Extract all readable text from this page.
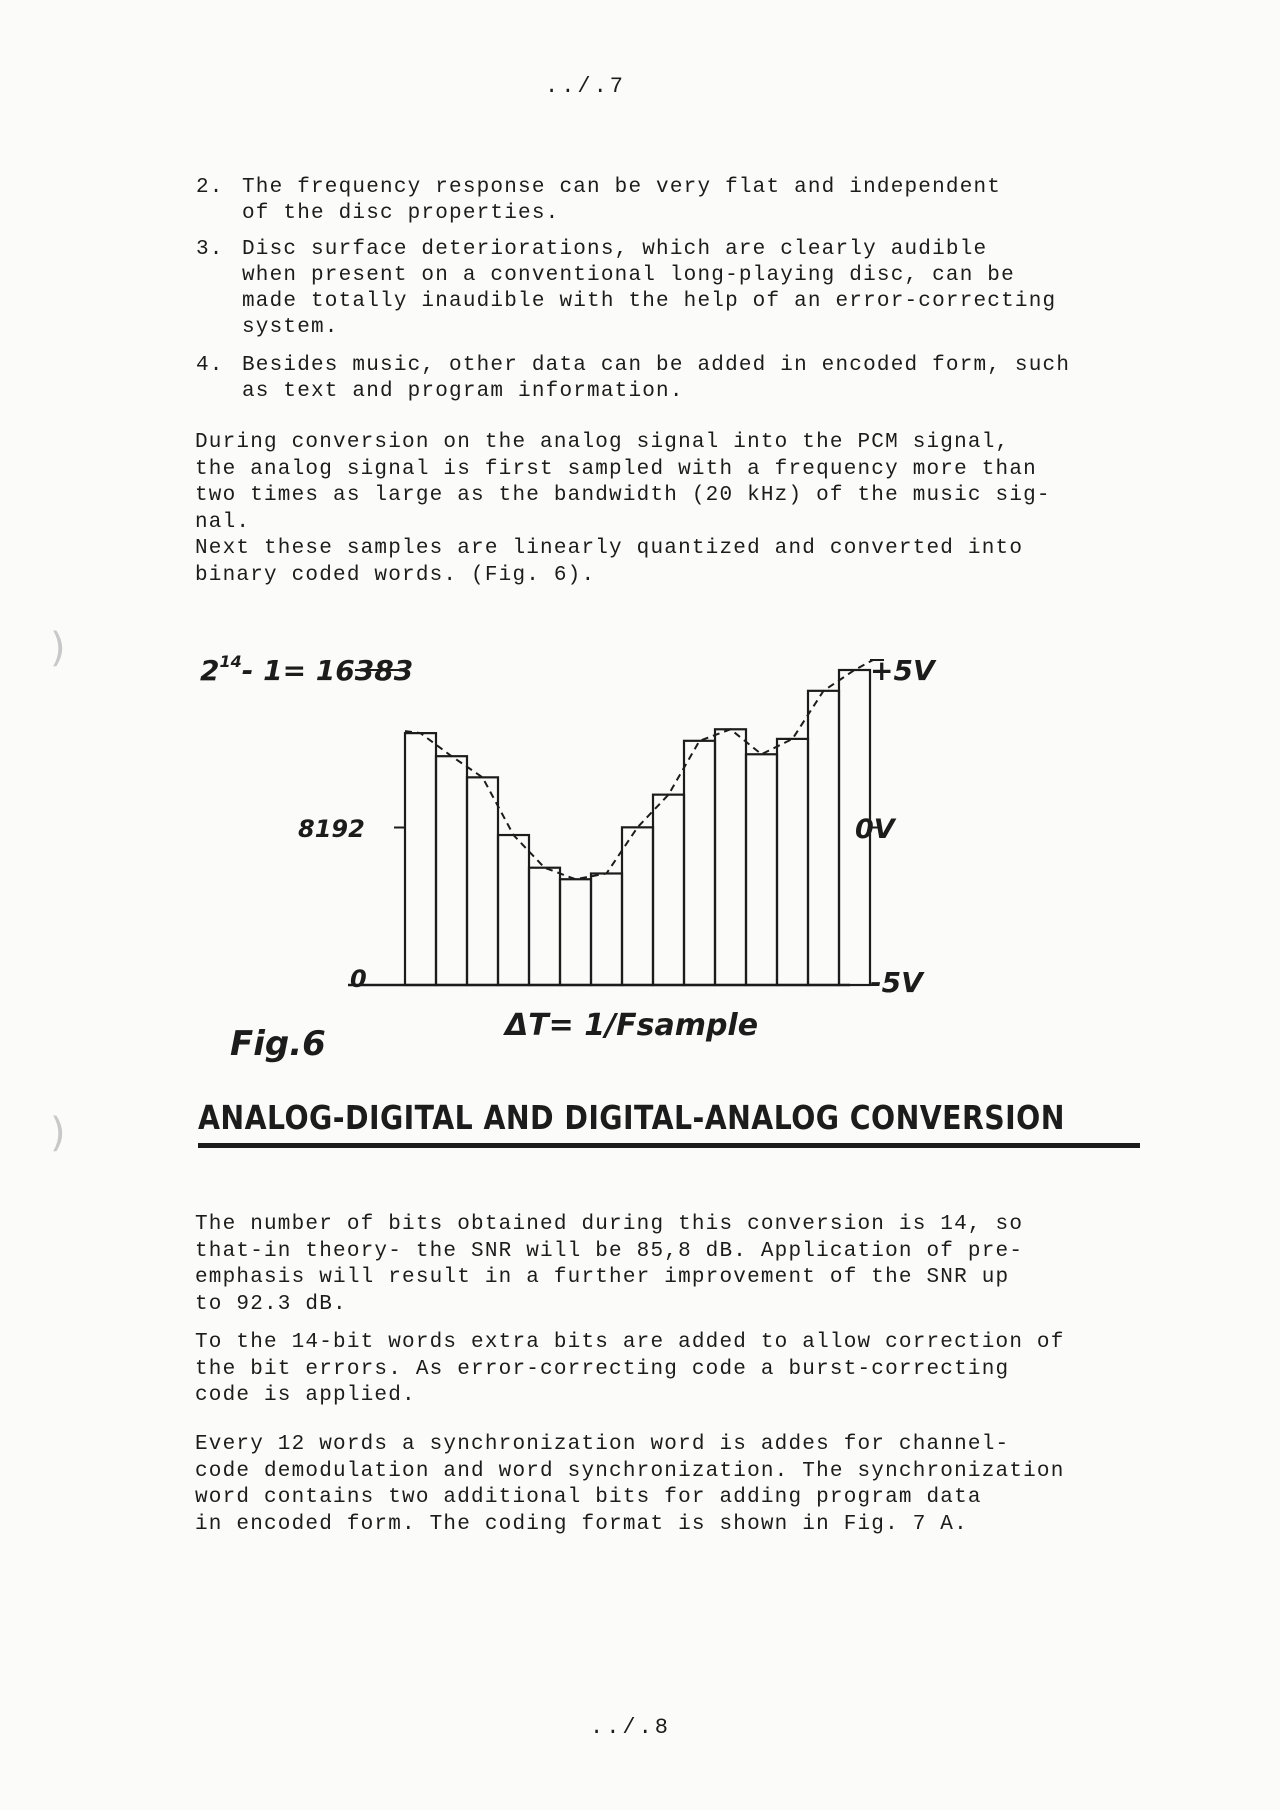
)
)
../.7
2. The frequency response can be very flat and independent
of the disc properties.
3. Disc surface deteriorations, which are clearly audible
when present on a conventional long-playing disc, can be
made totally inaudible with the help of an error-correcting
system.
4. Besides music, other data can be added in encoded form, such
as text and program information.
During conversion on the analog signal into the PCM signal,
the analog signal is first sampled with a frequency more than
two times as large as the bandwidth (20 kHz) of the music sig-
nal.
Next these samples are linearly quantized and converted into
binary coded words. (Fig. 6).
$2^{14}-$ 1= 16383
8192
0
+5V
0V
-5V
Fig.6	ΔT= 1/Fsample
ANALOG-DIGITAL AND DIGITAL-ANALOG CONVERSION
The number of bits obtained during this conversion is 14, so
that-in theory- the SNR will be 85,8 dB. Application of pre-
emphasis will result in a further improvement of the SNR up
to 92.3 dB.
To the 14-bit words extra bits are added to allow correction of
the bit errors. As error-correcting code a burst-correcting
code is applied.
Every 12 words a synchronization word is addes for channel-
code demodulation and word synchronization. The synchronization
word contains two additional bits for adding program data
in encoded form. The coding format is shown in Fig. 7 A.
../.8
